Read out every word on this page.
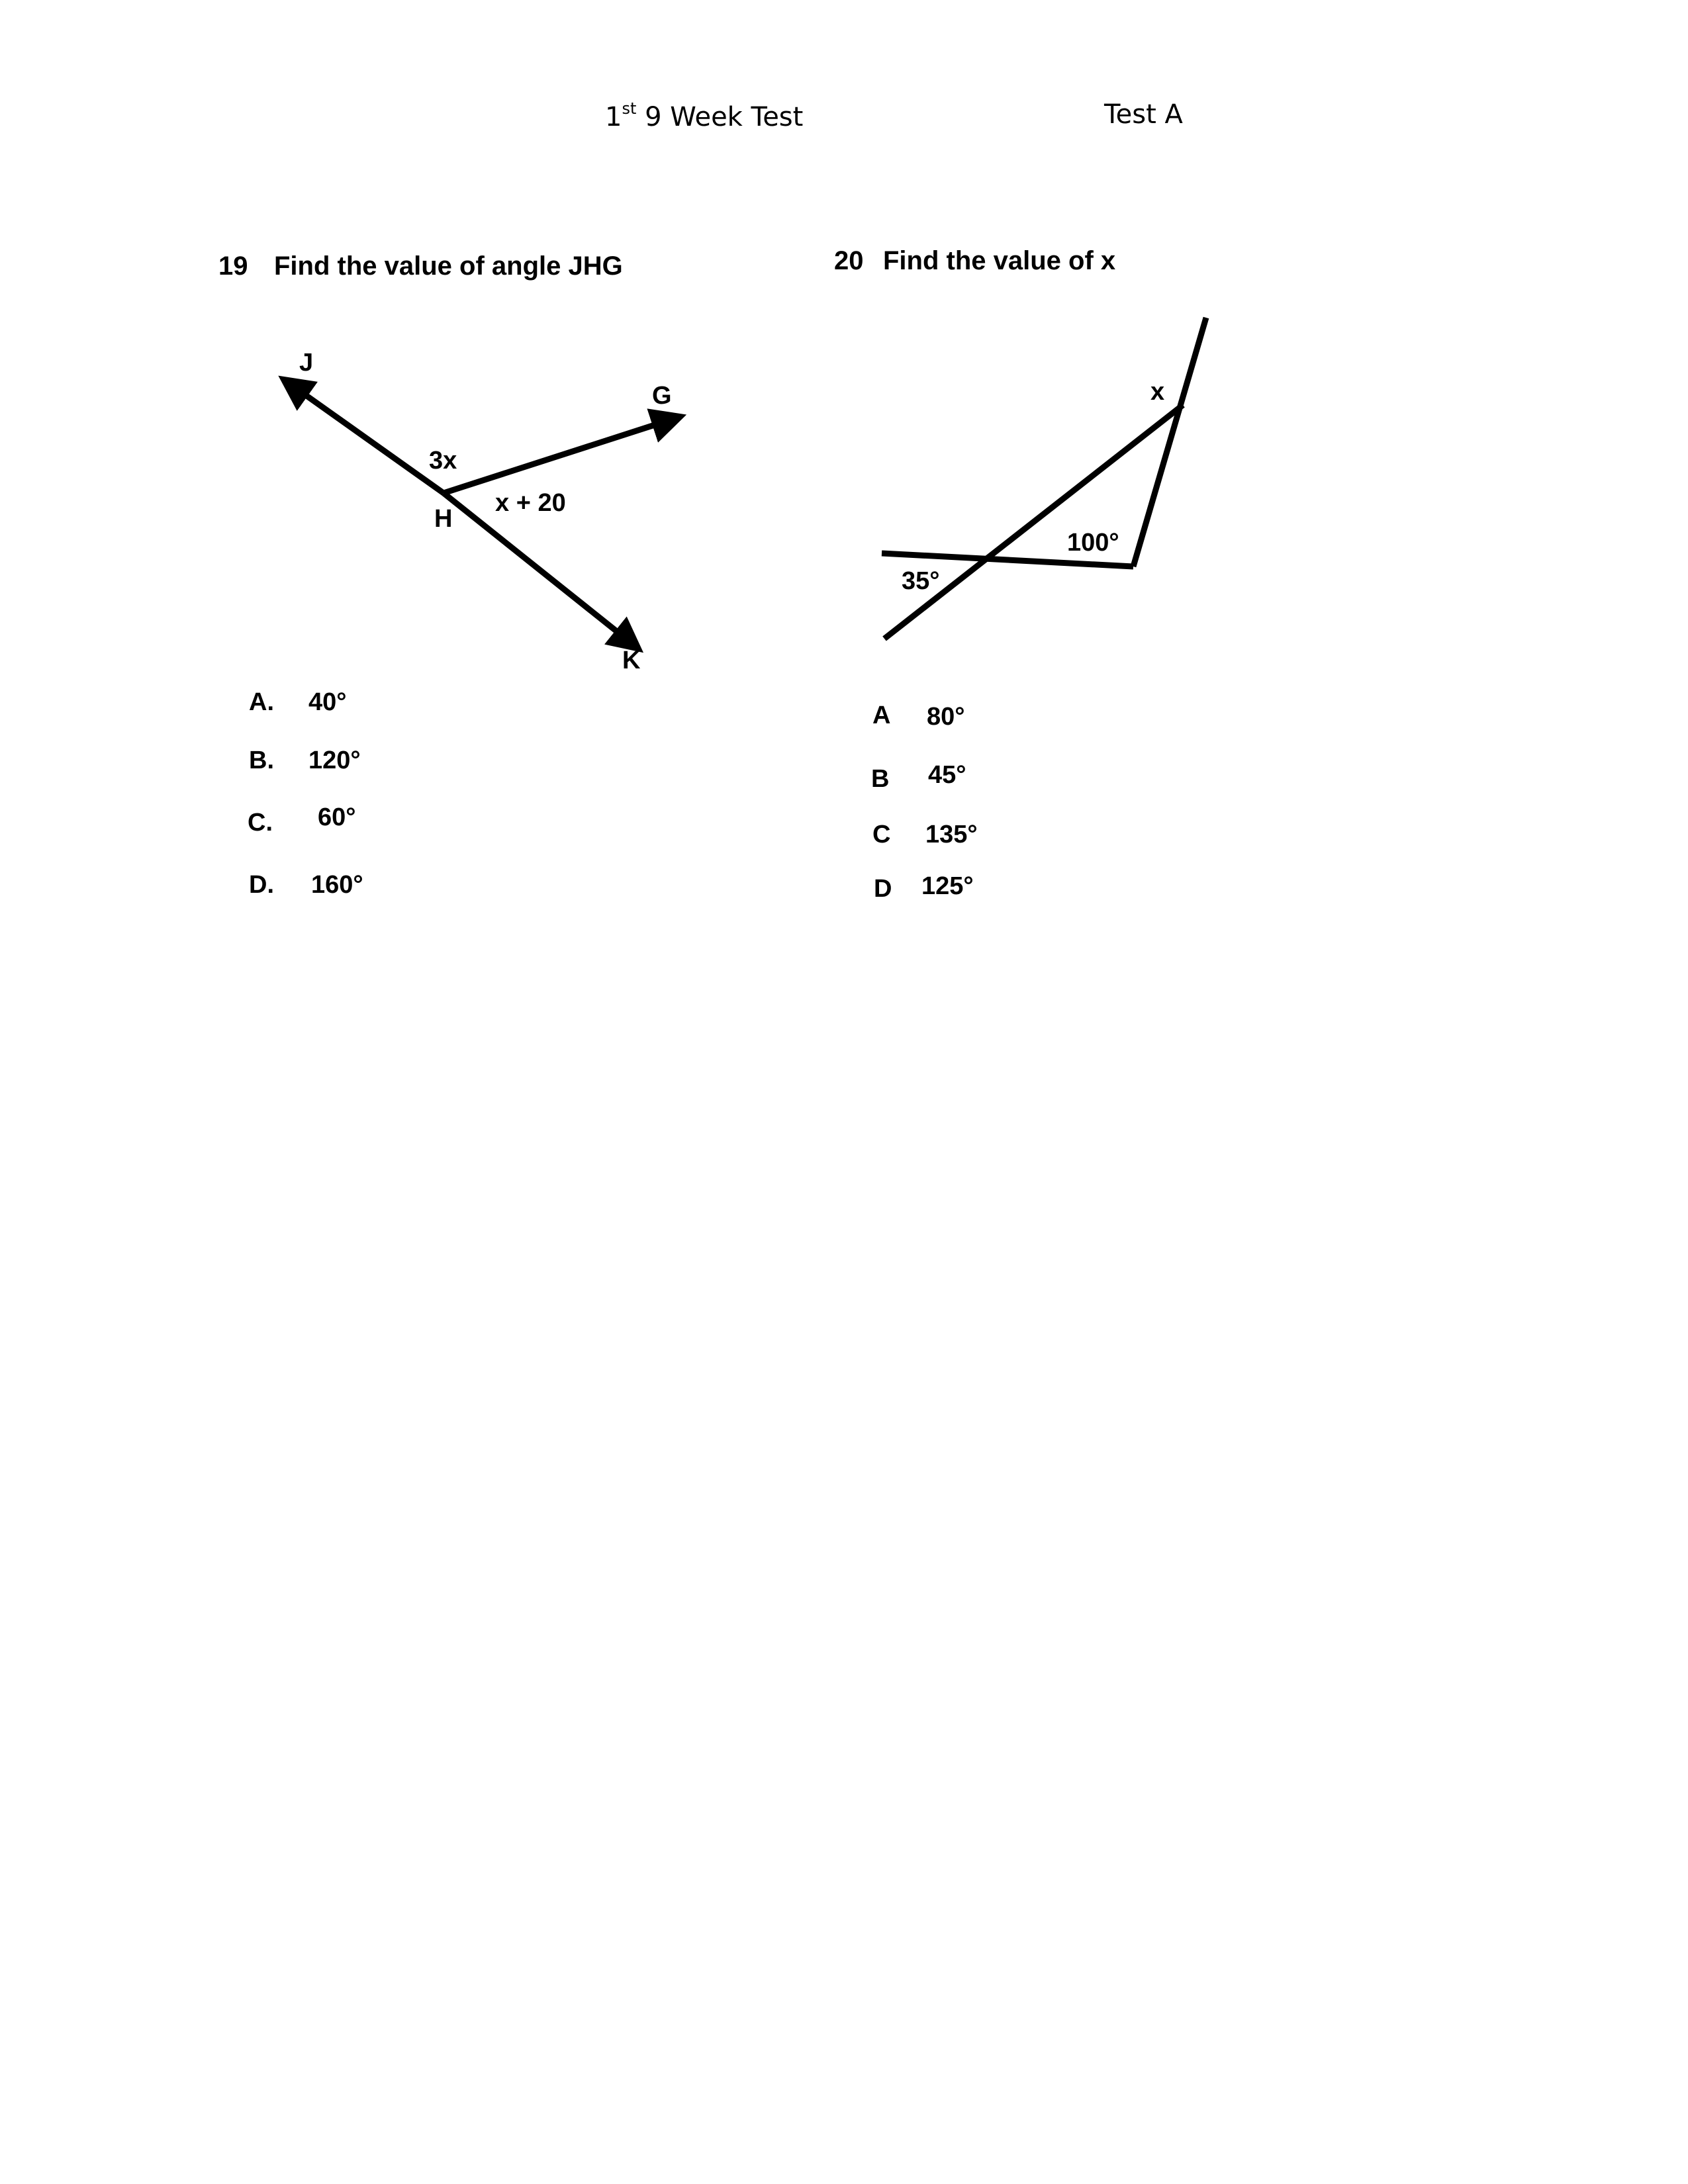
1st 9 Week Test	Test A
19 Find the value of angle JHG	20 Find the value of x
J
G
H
K
3x
x + 20
x
100°
35°
A. 40°
B. 120°
C. 60°
D. 160°
A 80°
B 45°
C 135°
D 125°
